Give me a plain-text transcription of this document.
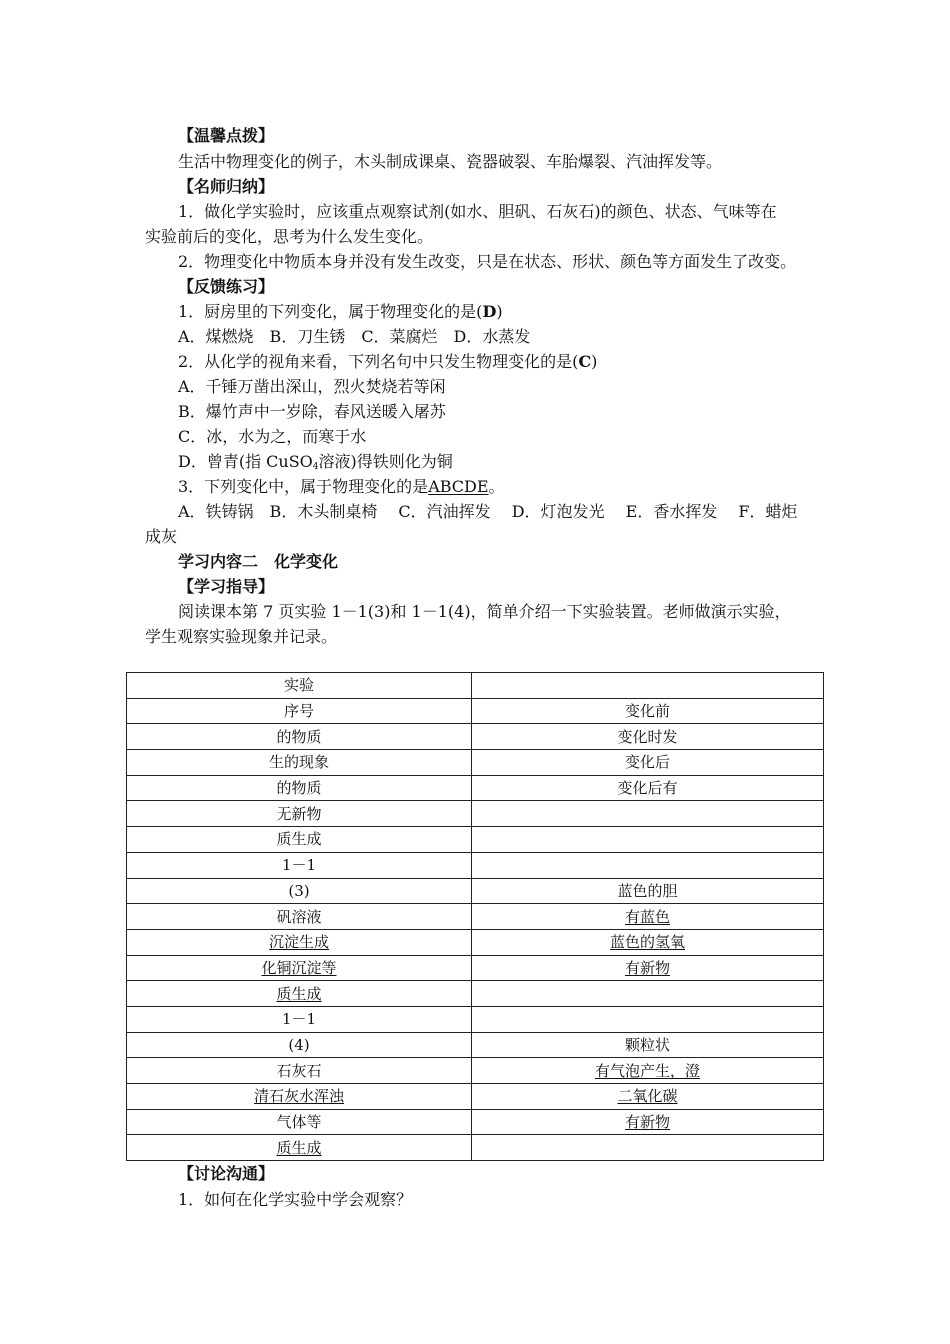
【温馨点拨】
生活中物理变化的例子，木头制成课桌、瓷器破裂、车胎爆裂、汽油挥发等。
【名师归纳】
1．做化学实验时，应该重点观察试剂(如水、胆矾、石灰石)的颜色、状态、气味等在
实验前后的变化，思考为什么发生变化。
2．物理变化中物质本身并没有发生改变，只是在状态、形状、颜色等方面发生了改变。
【反馈练习】
1．厨房里的下列变化，属于物理变化的是(D)
A．煤燃烧　B．刀生锈　C．菜腐烂　D．水蒸发
2．从化学的视角来看，下列名句中只发生物理变化的是(C)
A．千锤万凿出深山，烈火焚烧若等闲
B．爆竹声中一岁除，春风送暖入屠苏
C．冰，水为之，而寒于水
D．曾青(指 CuSO$_4$溶液)得铁则化为铜
3．下列变化中，属于物理变化的是ABCDE。
A．铁铸锅　B．木头制桌椅　 C．汽油挥发　 D．灯泡发光　 E．香水挥发　 F．蜡炬
成灰
学习内容二　化学变化
【学习指导】
阅读课本第 7 页实验 1－1(3)和 1－1(4)，简单介绍一下实验装置。老师做演示实验，
学生观察实验现象并记录。
实验	
序号	变化前
的物质	变化时发
生的现象	变化后
的物质	变化后有
无新物	
质生成	
1－1	
(3)	蓝色的胆
矾溶液	有蓝色
沉淀生成	蓝色的氢氧
化铜沉淀等	有新物
质生成	
1－1	
(4)	颗粒状
石灰石	有气泡产生，澄
清石灰水浑浊	二氧化碳
气体等	有新物
质生成	
【讨论沟通】
1．如何在化学实验中学会观察？
